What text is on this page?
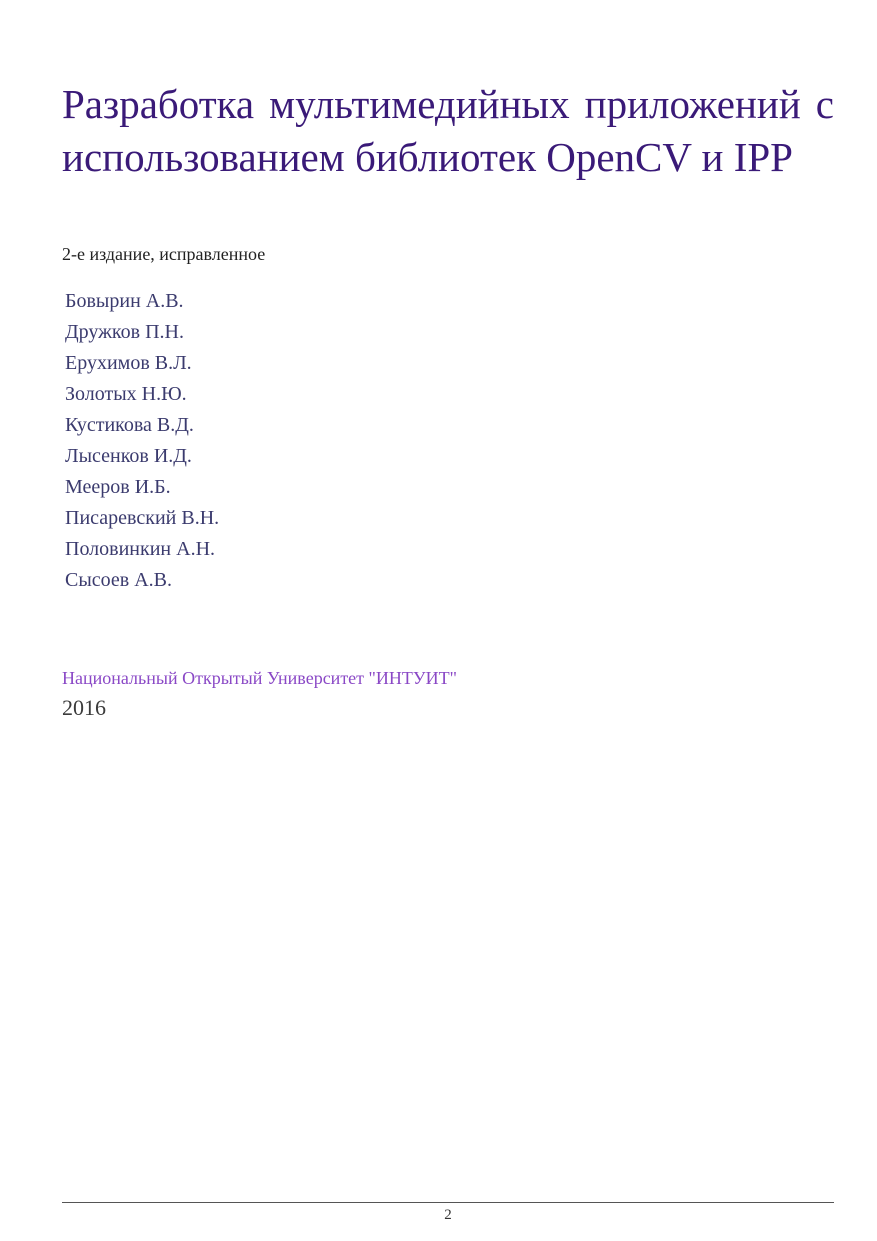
Разработка мультимедийных приложений с использованием библиотек OpenCV и IPP
2-е издание, исправленное
Бовырин А.В.
Дружков П.Н.
Ерухимов В.Л.
Золотых Н.Ю.
Кустикова В.Д.
Лысенков И.Д.
Мееров И.Б.
Писаревский В.Н.
Половинкин А.Н.
Сысоев А.В.
Национальный Открытый Университет "ИНТУИТ"
2016
2
